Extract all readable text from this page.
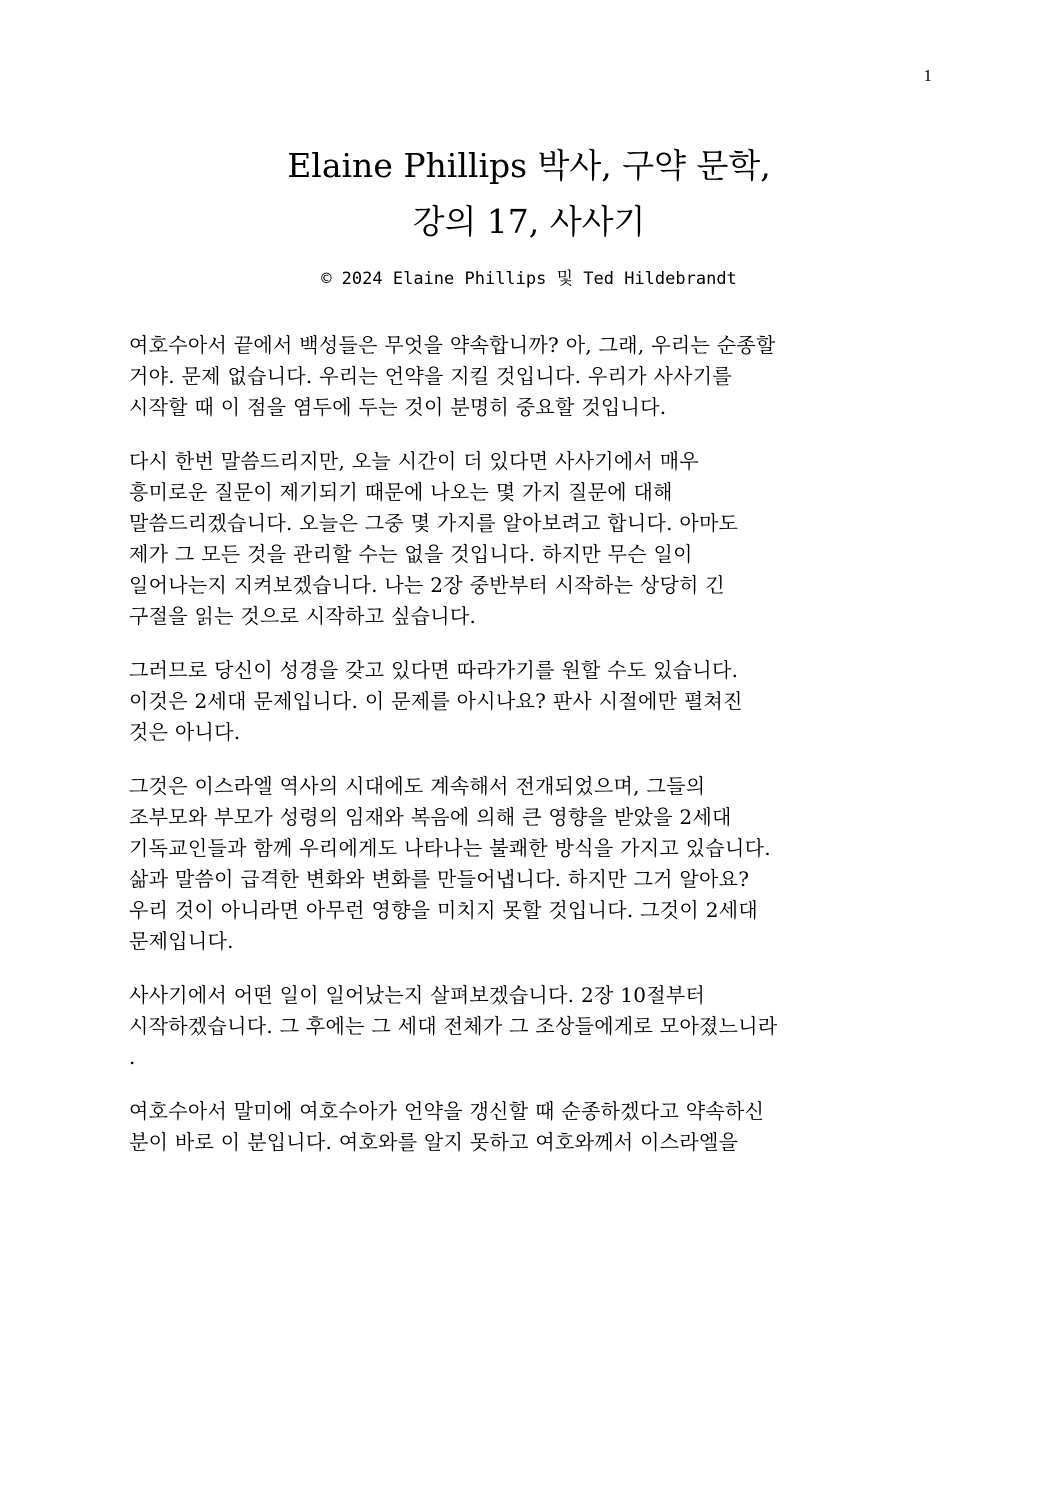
1
Elaine Phillips 박사, 구약 문학,
강의 17, 사사기
© 2024 Elaine Phillips 및 Ted Hildebrandt

여호수아서 끝에서 백성들은 무엇을 약속합니까? 아, 그래, 우리는 순종할
거야. 문제 없습니다. 우리는 언약을 지킬 것입니다. 우리가 사사기를
시작할 때 이 점을 염두에 두는 것이 분명히 중요할 것입니다.

다시 한번 말씀드리지만, 오늘 시간이 더 있다면 사사기에서 매우
흥미로운 질문이 제기되기 때문에 나오는 몇 가지 질문에 대해
말씀드리겠습니다. 오늘은 그중 몇 가지를 알아보려고 합니다. 아마도
제가 그 모든 것을 관리할 수는 없을 것입니다. 하지만 무슨 일이
일어나는지 지켜보겠습니다. 나는 2장 중반부터 시작하는 상당히 긴
구절을 읽는 것으로 시작하고 싶습니다.

그러므로 당신이 성경을 갖고 있다면 따라가기를 원할 수도 있습니다.
이것은 2세대 문제입니다. 이 문제를 아시나요? 판사 시절에만 펼쳐진
것은 아니다.

그것은 이스라엘 역사의 시대에도 계속해서 전개되었으며, 그들의
조부모와 부모가 성령의 임재와 복음에 의해 큰 영향을 받았을 2세대
기독교인들과 함께 우리에게도 나타나는 불쾌한 방식을 가지고 있습니다.
삶과 말씀이 급격한 변화와 변화를 만들어냅니다. 하지만 그거 알아요?
우리 것이 아니라면 아무런 영향을 미치지 못할 것입니다. 그것이 2세대
문제입니다.

사사기에서 어떤 일이 일어났는지 살펴보겠습니다. 2장 10절부터
시작하겠습니다. 그 후에는 그 세대 전체가 그 조상들에게로 모아졌느니라
.

여호수아서 말미에 여호수아가 언약을 갱신할 때 순종하겠다고 약속하신
분이 바로 이 분입니다. 여호와를 알지 못하고 여호와께서 이스라엘을
